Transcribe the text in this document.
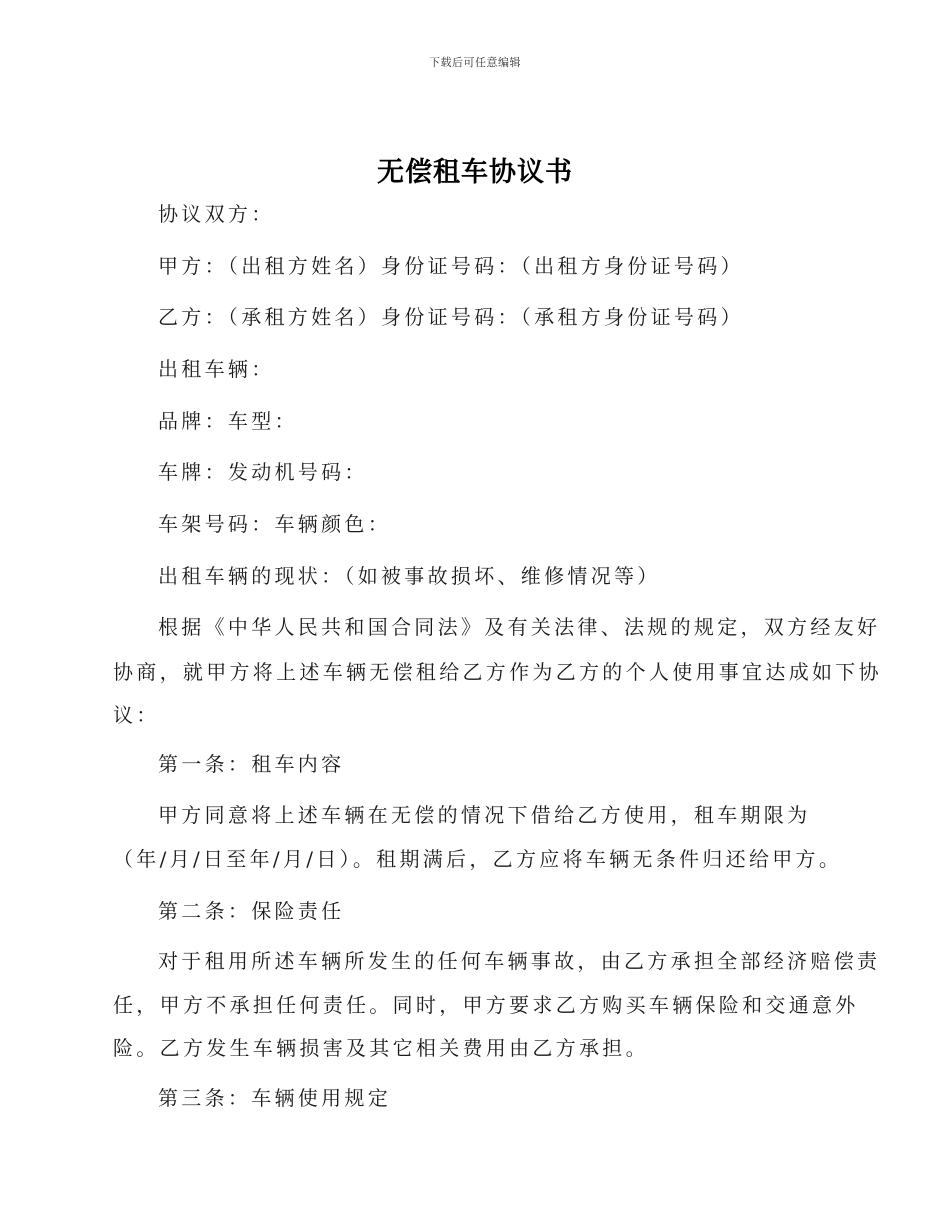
下载后可任意编辑
无偿租车协议书
协议双方：
甲方：（出租方姓名）身份证号码：（出租方身份证号码）
乙方：（承租方姓名）身份证号码：（承租方身份证号码）
出租车辆：
品牌：车型：
车牌：发动机号码：
车架号码：车辆颜色：
出租车辆的现状：（如被事故损坏、维修情况等）
根据《中华人民共和国合同法》及有关法律、法规的规定，双方经友好
协商，就甲方将上述车辆无偿租给乙方作为乙方的个人使用事宜达成如下协
议：
第一条：租车内容
甲方同意将上述车辆在无偿的情况下借给乙方使用，租车期限为
（年/月/日至年/月/日）。租期满后，乙方应将车辆无条件归还给甲方。
第二条：保险责任
对于租用所述车辆所发生的任何车辆事故，由乙方承担全部经济赔偿责
任，甲方不承担任何责任。同时，甲方要求乙方购买车辆保险和交通意外
险。乙方发生车辆损害及其它相关费用由乙方承担。
第三条：车辆使用规定
